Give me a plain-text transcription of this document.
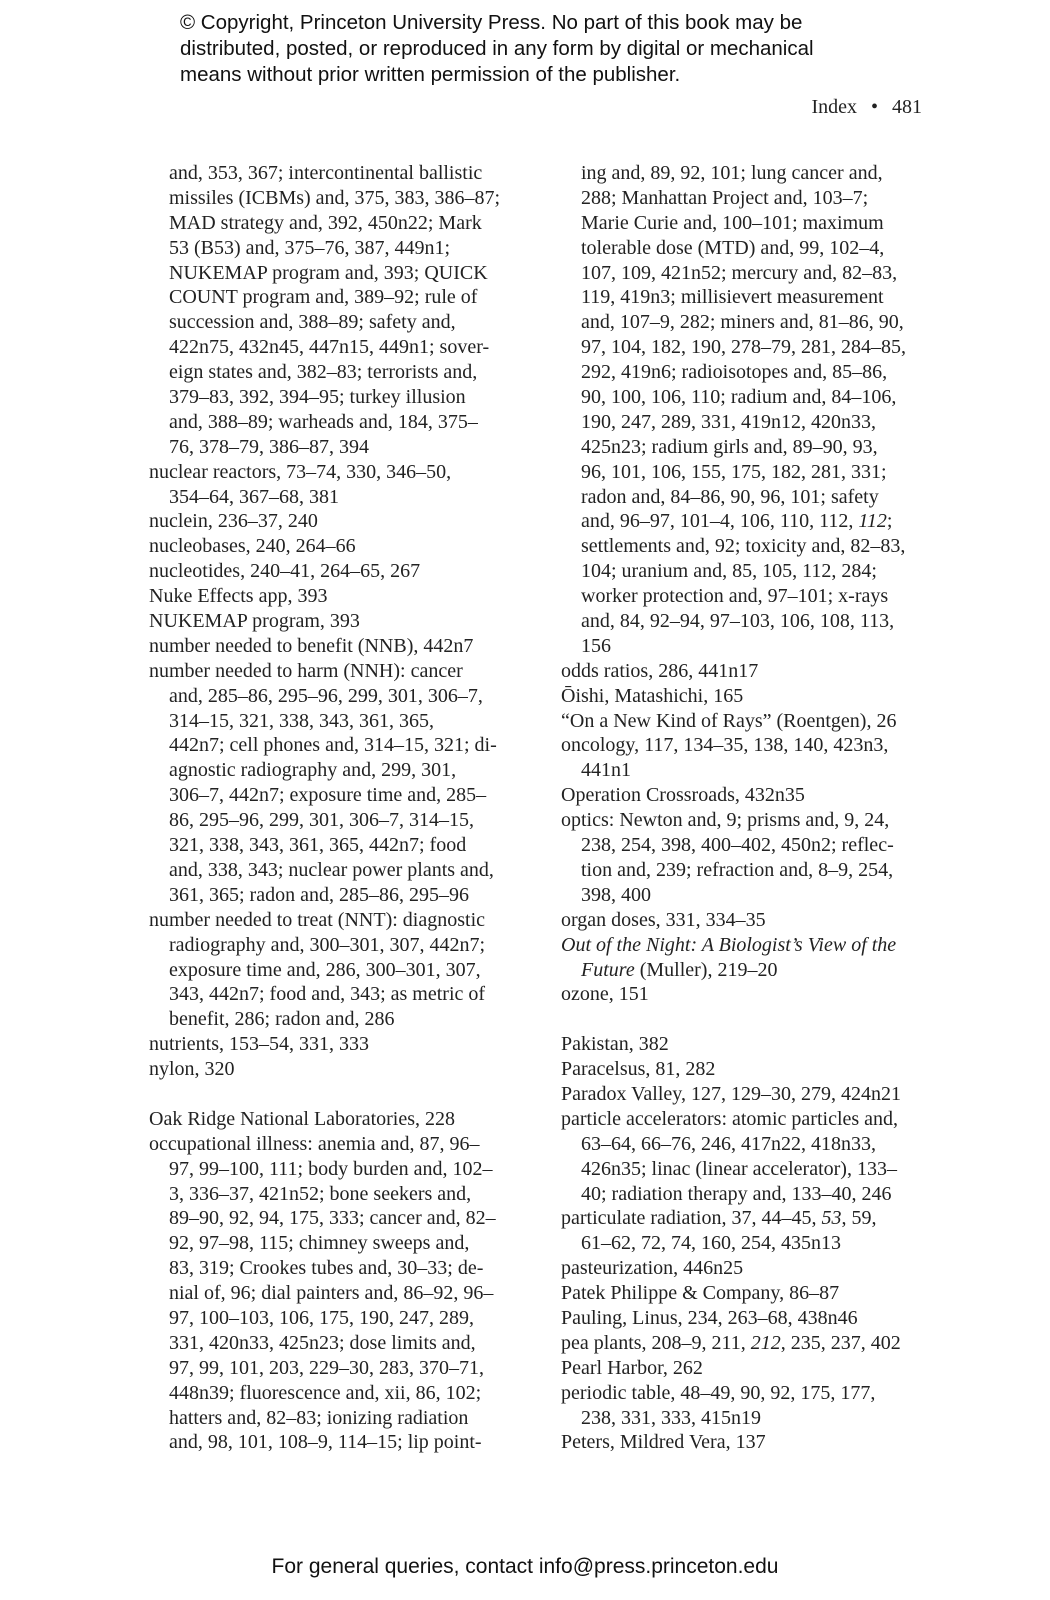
© Copyright, Princeton University Press. No part of this book may be
distributed, posted, or reproduced in any form by digital or mechanical
means without prior written permission of the publisher.
Index • 481
and, 353, 367; intercontinental ballistic
missiles (ICBMs) and, 375, 383, 386–87;
MAD strategy and, 392, 450n22; Mark
53 (B53) and, 375–76, 387, 449n1;
NUKEMAP program and, 393; QUICK
COUNT program and, 389–92; rule of
succession and, 388–89; safety and,
422n75, 432n45, 447n15, 449n1; sover-
eign states and, 382–83; terrorists and,
379–83, 392, 394–95; turkey illusion
and, 388–89; warheads and, 184, 375–
76, 378–79, 386–87, 394
nuclear reactors, 73–74, 330, 346–50,
354–64, 367–68, 381
nuclein, 236–37, 240
nucleobases, 240, 264–66
nucleotides, 240–41, 264–65, 267
Nuke Effects app, 393
NUKEMAP program, 393
number needed to benefit (NNB), 442n7
number needed to harm (NNH): cancer
and, 285–86, 295–96, 299, 301, 306–7,
314–15, 321, 338, 343, 361, 365,
442n7; cell phones and, 314–15, 321; di-
agnostic radiography and, 299, 301,
306–7, 442n7; exposure time and, 285–
86, 295–96, 299, 301, 306–7, 314–15,
321, 338, 343, 361, 365, 442n7; food
and, 338, 343; nuclear power plants and,
361, 365; radon and, 285–86, 295–96
number needed to treat (NNT): diagnostic
radiography and, 300–301, 307, 442n7;
exposure time and, 286, 300–301, 307,
343, 442n7; food and, 343; as metric of
benefit, 286; radon and, 286
nutrients, 153–54, 331, 333
nylon, 320
Oak Ridge National Laboratories, 228
occupational illness: anemia and, 87, 96–
97, 99–100, 111; body burden and, 102–
3, 336–37, 421n52; bone seekers and,
89–90, 92, 94, 175, 333; cancer and, 82–
92, 97–98, 115; chimney sweeps and,
83, 319; Crookes tubes and, 30–33; de-
nial of, 96; dial painters and, 86–92, 96–
97, 100–103, 106, 175, 190, 247, 289,
331, 420n33, 425n23; dose limits and,
97, 99, 101, 203, 229–30, 283, 370–71,
448n39; fluorescence and, xii, 86, 102;
hatters and, 82–83; ionizing radiation
and, 98, 101, 108–9, 114–15; lip point-
ing and, 89, 92, 101; lung cancer and,
288; Manhattan Project and, 103–7;
Marie Curie and, 100–101; maximum
tolerable dose (MTD) and, 99, 102–4,
107, 109, 421n52; mercury and, 82–83,
119, 419n3; millisievert measurement
and, 107–9, 282; miners and, 81–86, 90,
97, 104, 182, 190, 278–79, 281, 284–85,
292, 419n6; radioisotopes and, 85–86,
90, 100, 106, 110; radium and, 84–106,
190, 247, 289, 331, 419n12, 420n33,
425n23; radium girls and, 89–90, 93,
96, 101, 106, 155, 175, 182, 281, 331;
radon and, 84–86, 90, 96, 101; safety
and, 96–97, 101–4, 106, 110, 112, 112;
settlements and, 92; toxicity and, 82–83,
104; uranium and, 85, 105, 112, 284;
worker protection and, 97–101; x-rays
and, 84, 92–94, 97–103, 106, 108, 113,
156
odds ratios, 286, 441n17
Ōishi, Matashichi, 165
“On a New Kind of Rays” (Roentgen), 26
oncology, 117, 134–35, 138, 140, 423n3,
441n1
Operation Crossroads, 432n35
optics: Newton and, 9; prisms and, 9, 24,
238, 254, 398, 400–402, 450n2; reflec-
tion and, 239; refraction and, 8–9, 254,
398, 400
organ doses, 331, 334–35
Out of the Night: A Biologist’s View of the
Future (Muller), 219–20
ozone, 151
Pakistan, 382
Paracelsus, 81, 282
Paradox Valley, 127, 129–30, 279, 424n21
particle accelerators: atomic particles and,
63–64, 66–76, 246, 417n22, 418n33,
426n35; linac (linear accelerator), 133–
40; radiation therapy and, 133–40, 246
particulate radiation, 37, 44–45, 53, 59,
61–62, 72, 74, 160, 254, 435n13
pasteurization, 446n25
Patek Philippe & Company, 86–87
Pauling, Linus, 234, 263–68, 438n46
pea plants, 208–9, 211, 212, 235, 237, 402
Pearl Harbor, 262
periodic table, 48–49, 90, 92, 175, 177,
238, 331, 333, 415n19
Peters, Mildred Vera, 137
For general queries, contact info@press.princeton.edu
